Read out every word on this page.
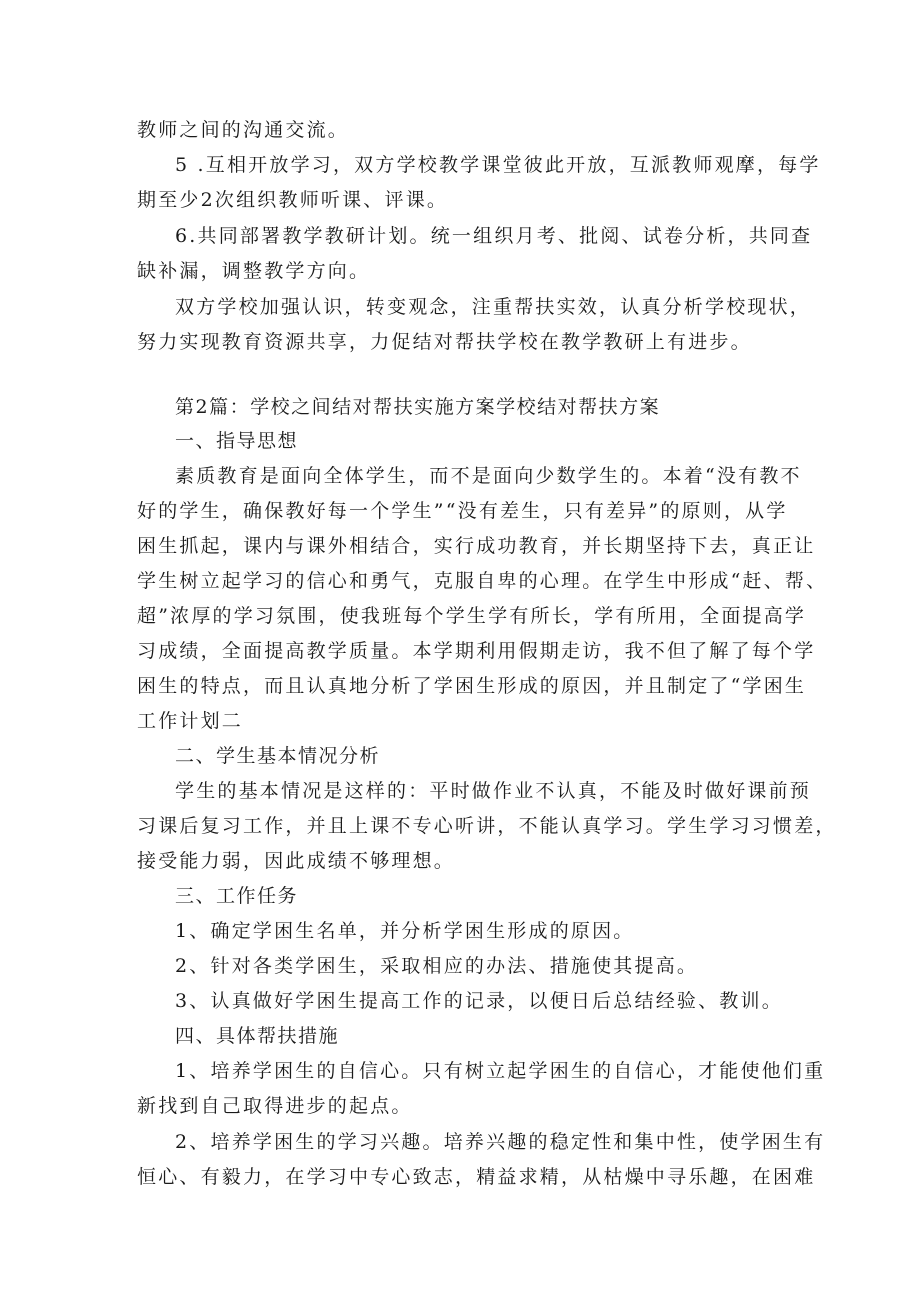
教师之间的沟通交流。
5 .互相开放学习，双方学校教学课堂彼此开放，互派教师观摩，每学
期至少2次组织教师听课、评课。
6.共同部署教学教研计划。统一组织月考、批阅、试卷分析，共同查
缺补漏，调整教学方向。
双方学校加强认识，转变观念，注重帮扶实效，认真分析学校现状，
努力实现教育资源共享，力促结对帮扶学校在教学教研上有进步。
第2篇：学校之间结对帮扶实施方案学校结对帮扶方案
一、指导思想
素质教育是面向全体学生，而不是面向少数学生的。本着“没有教不
好的学生，确保教好每一个学生”“没有差生，只有差异”的原则，从学
困生抓起，课内与课外相结合，实行成功教育，并长期坚持下去，真正让
学生树立起学习的信心和勇气，克服自卑的心理。在学生中形成“赶、帮、
超”浓厚的学习氛围，使我班每个学生学有所长，学有所用，全面提高学
习成绩，全面提高教学质量。本学期利用假期走访，我不但了解了每个学
困生的特点，而且认真地分析了学困生形成的原因，并且制定了“学困生
工作计划二
二、学生基本情况分析
学生的基本情况是这样的：平时做作业不认真，不能及时做好课前预
习课后复习工作，并且上课不专心听讲，不能认真学习。学生学习习惯差，
接受能力弱，因此成绩不够理想。
三、工作任务
1、确定学困生名单，并分析学困生形成的原因。
2、针对各类学困生，采取相应的办法、措施使其提高。
3、认真做好学困生提高工作的记录，以便日后总结经验、教训。
四、具体帮扶措施
1、培养学困生的自信心。只有树立起学困生的自信心，才能使他们重
新找到自己取得进步的起点。
2、培养学困生的学习兴趣。培养兴趣的稳定性和集中性，使学困生有
恒心、有毅力，在学习中专心致志，精益求精，从枯燥中寻乐趣，在困难
